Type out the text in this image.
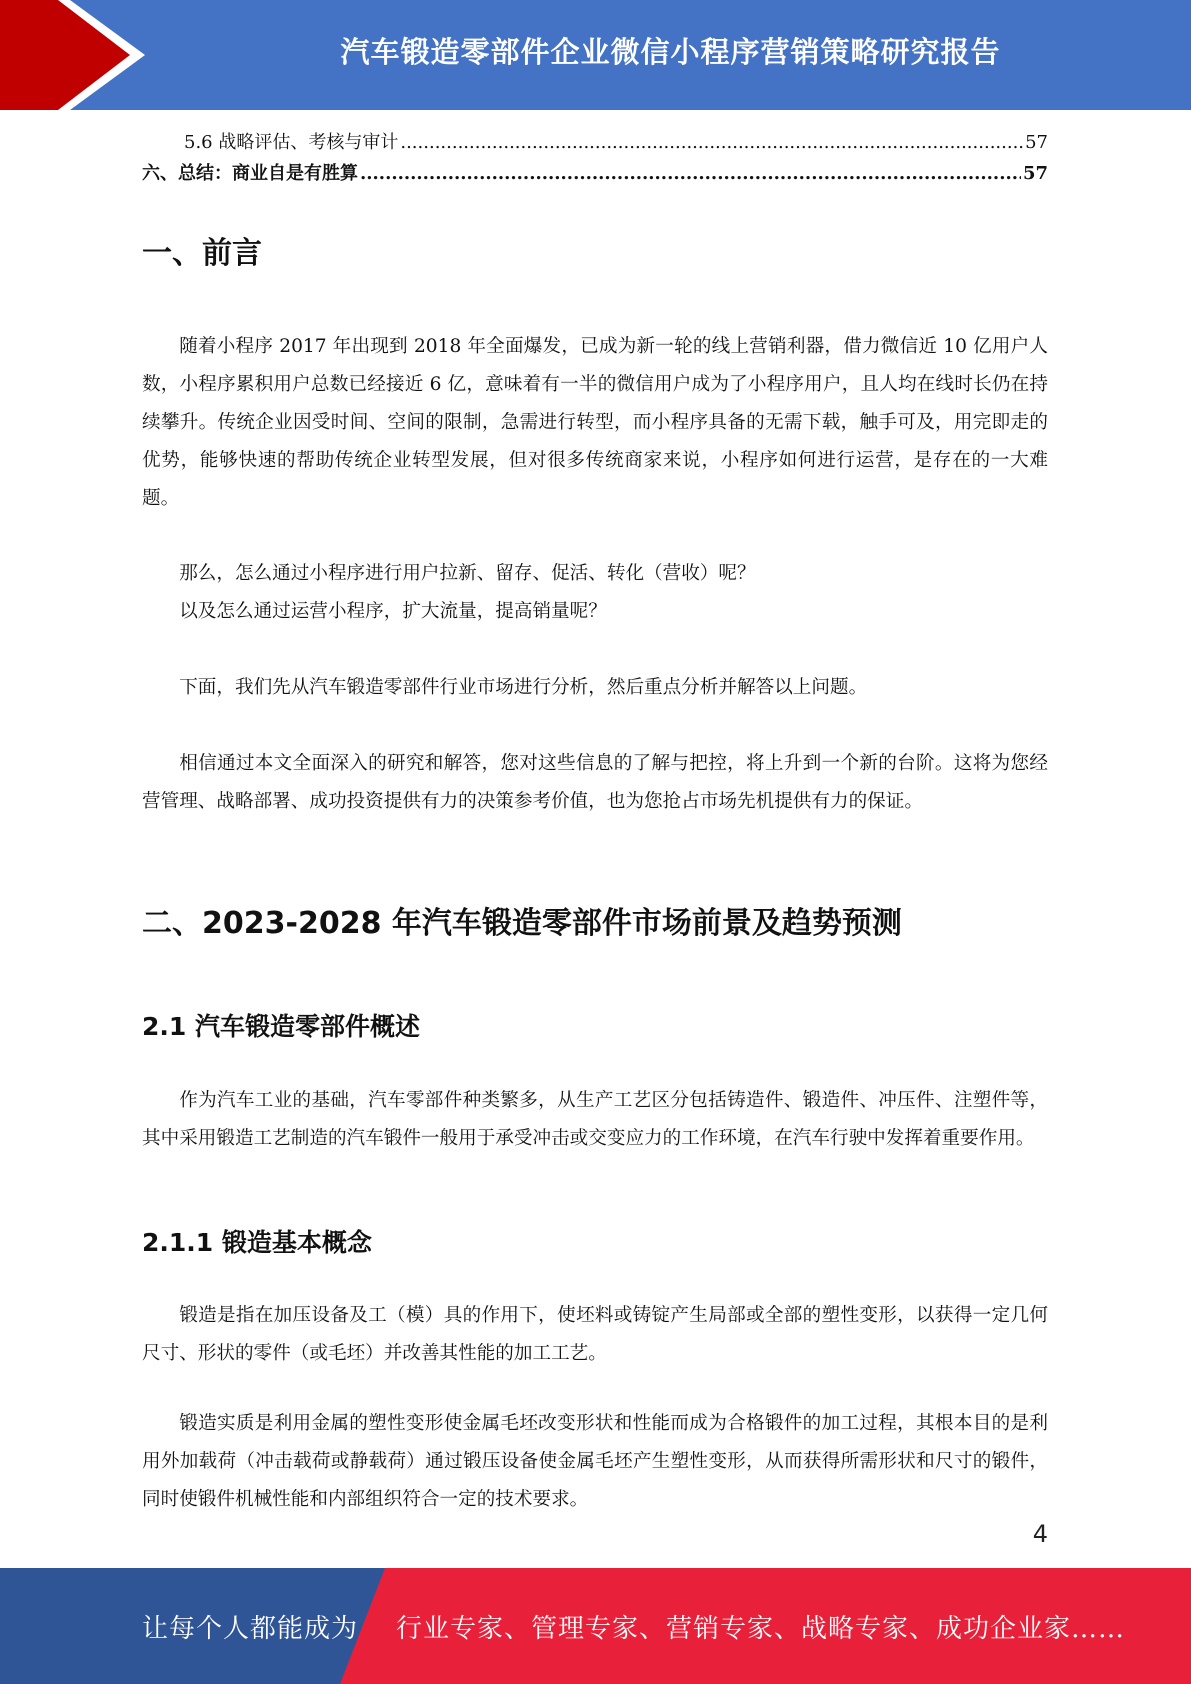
汽车锻造零部件企业微信小程序营销策略研究报告
5.6 战略评估、考核与审计 .....	57
六、总结：商业自是有胜算 .....	57
一、前言

随着小程序 2017 年出现到 2018 年全面爆发，已成为新一轮的线上营销利器，借力微信近 10 亿用户人数，小程序累积用户总数已经接近 6 亿，意味着有一半的微信用户成为了小程序用户，且人均在线时长仍在持续攀升。传统企业因受时间、空间的限制，急需进行转型，而小程序具备的无需下载，触手可及，用完即走的优势，能够快速的帮助传统企业转型发展，但对很多传统商家来说，小程序如何进行运营，是存在的一大难题。

那么，怎么通过小程序进行用户拉新、留存、促活、转化（营收）呢？

以及怎么通过运营小程序，扩大流量，提高销量呢？

下面，我们先从汽车锻造零部件行业市场进行分析，然后重点分析并解答以上问题。

相信通过本文全面深入的研究和解答，您对这些信息的了解与把控，将上升到一个新的台阶。这将为您经营管理、战略部署、成功投资提供有力的决策参考价值，也为您抢占市场先机提供有力的保证。

二、2023-2028 年汽车锻造零部件市场前景及趋势预测
2.1 汽车锻造零部件概述

作为汽车工业的基础，汽车零部件种类繁多，从生产工艺区分包括铸造件、锻造件、冲压件、注塑件等，其中采用锻造工艺制造的汽车锻件一般用于承受冲击或交变应力的工作环境，在汽车行驶中发挥着重要作用。

2.1.1 锻造基本概念

锻造是指在加压设备及工（模）具的作用下，使坯料或铸锭产生局部或全部的塑性变形，以获得一定几何尺寸、形状的零件（或毛坯）并改善其性能的加工工艺。

锻造实质是利用金属的塑性变形使金属毛坯改变形状和性能而成为合格锻件的加工过程，其根本目的是利用外加载荷（冲击载荷或静载荷）通过锻压设备使金属毛坯产生塑性变形，从而获得所需形状和尺寸的锻件，同时使锻件机械性能和内部组织符合一定的技术要求。

4
让每个人都能成为 行业专家、管理专家、营销专家、战略专家、成功企业家……
